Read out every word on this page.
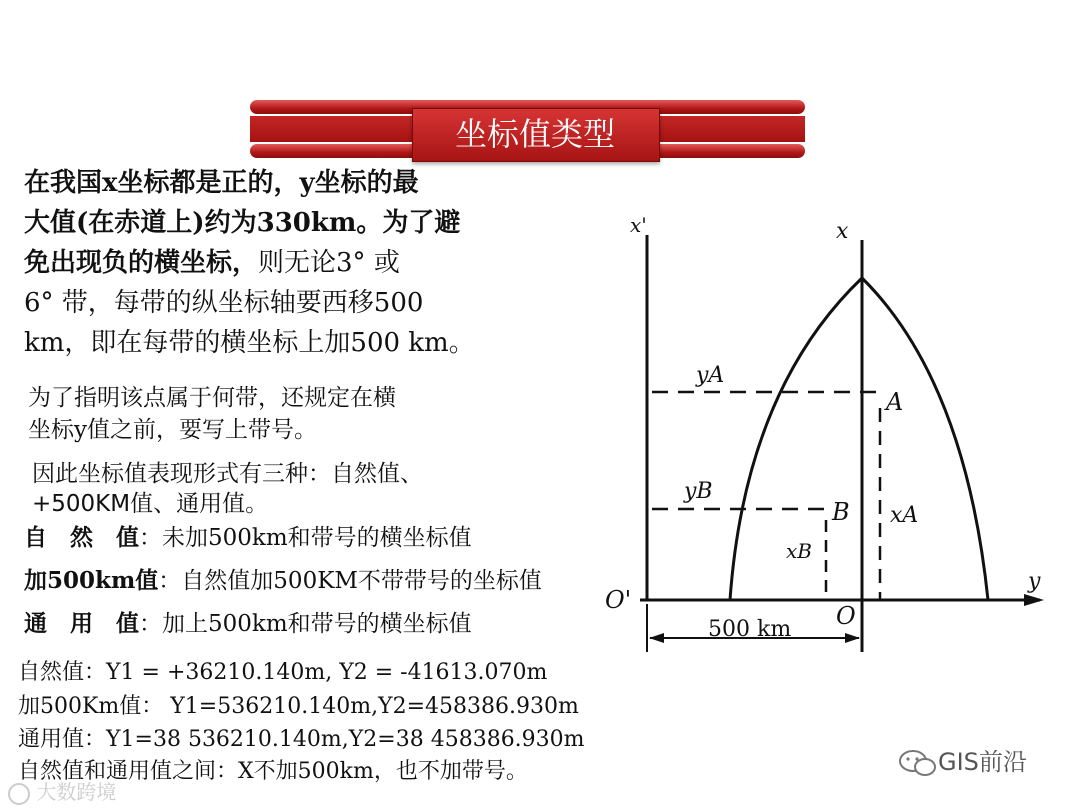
坐标值类型
在我国x坐标都是正的，y坐标的最
大值(在赤道上)约为330km。为了避
免出现负的横坐标，则无论3° 或
6° 带，每带的纵坐标轴要西移500
km，即在每带的横坐标上加500 km。
为了指明该点属于何带，还规定在横
坐标y值之前，要写上带号。
因此坐标值表现形式有三种：自然值、
+500KM值、通用值。
自　然　值：未加500km和带号的横坐标值
加500km值：自然值加500KM不带带号的坐标值
通　用　值：加上500km和带号的横坐标值
自然值：Y1 = +36210.140m, Y2 = -41613.070m
加500Km值： Y1=536210.140m,Y2=458386.930m
通用值：Y1=38 536210.140m,Y2=38 458386.930m
自然值和通用值之间：X不加500km，也不加带号。
x'	x
yA
A
yB
B xA
xB
O'
O
y
500 km
GIS前沿
大数跨境
